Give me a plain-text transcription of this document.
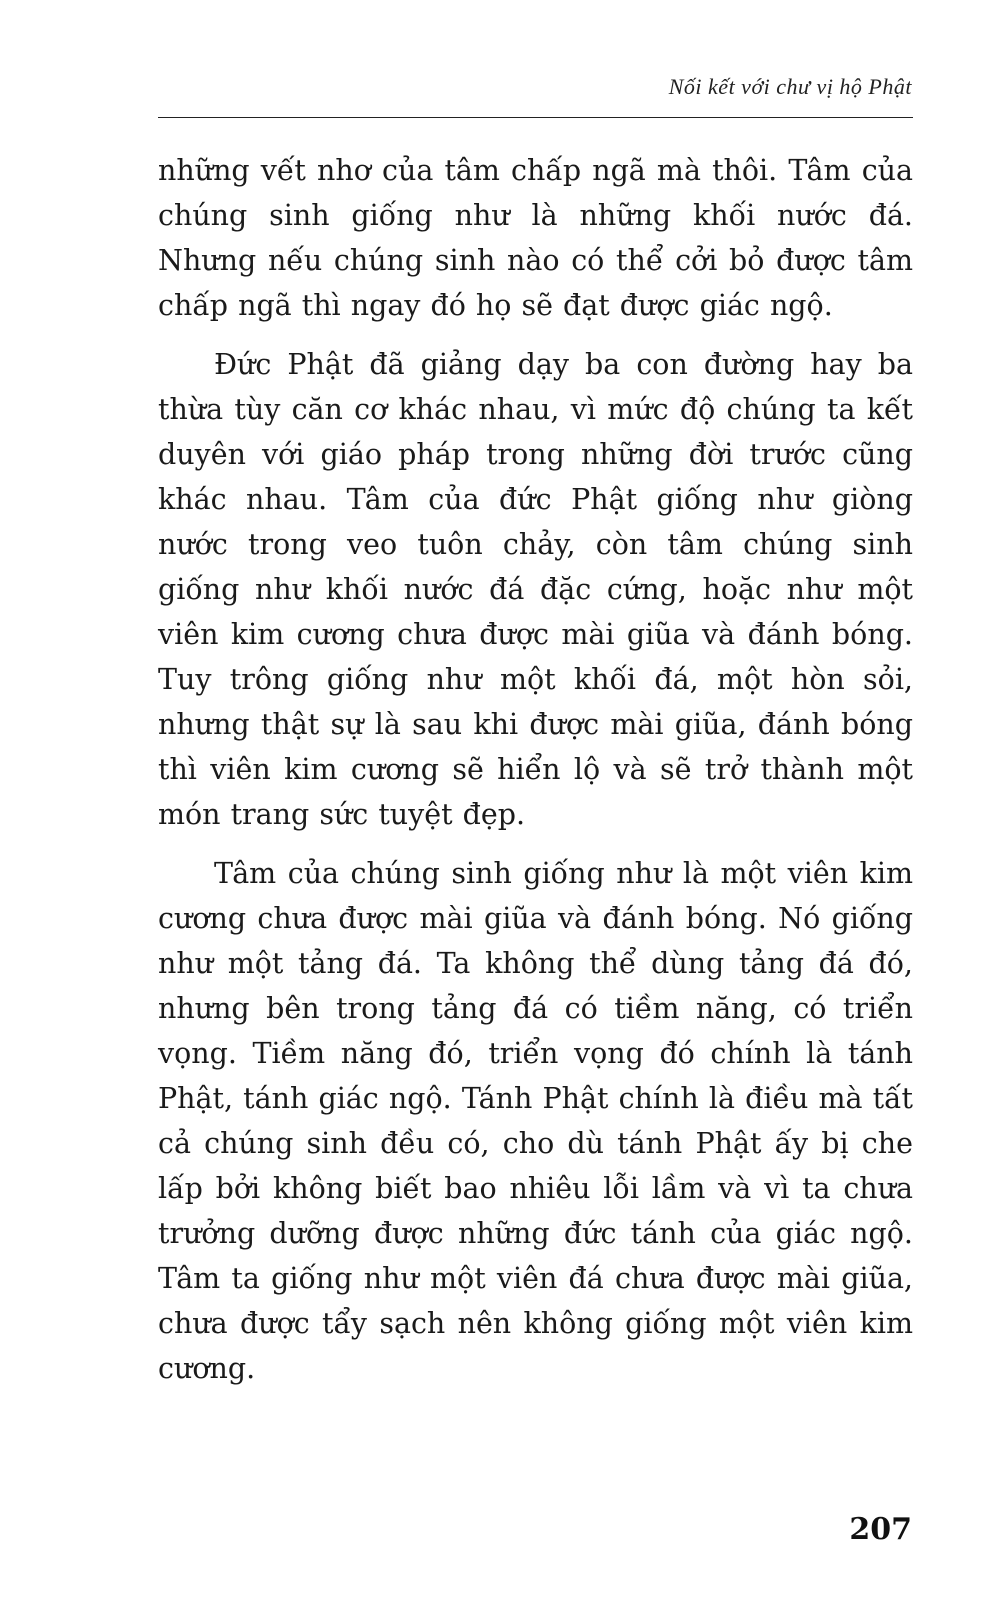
Nối kết với chư vị hộ Phật

những vết nhơ của tâm chấp ngã mà thôi. Tâm của chúng sinh giống như là những khối nước đá. Nhưng nếu chúng sinh nào có thể cởi bỏ được tâm chấp ngã thì ngay đó họ sẽ đạt được giác ngộ.

Đức Phật đã giảng dạy ba con đường hay ba thừa tùy căn cơ khác nhau, vì mức độ chúng ta kết duyên với giáo pháp trong những đời trước cũng khác nhau. Tâm của đức Phật giống như giòng nước trong veo tuôn chảy, còn tâm chúng sinh giống như khối nước đá đặc cứng, hoặc như một viên kim cương chưa được mài giũa và đánh bóng. Tuy trông giống như một khối đá, một hòn sỏi, nhưng thật sự là sau khi được mài giũa, đánh bóng thì viên kim cương sẽ hiển lộ và sẽ trở thành một món trang sức tuyệt đẹp.

Tâm của chúng sinh giống như là một viên kim cương chưa được mài giũa và đánh bóng. Nó giống như một tảng đá. Ta không thể dùng tảng đá đó, nhưng bên trong tảng đá có tiềm năng, có triển vọng. Tiềm năng đó, triển vọng đó chính là tánh Phật, tánh giác ngộ. Tánh Phật chính là điều mà tất cả chúng sinh đều có, cho dù tánh Phật ấy bị che lấp bởi không biết bao nhiêu lỗi lầm và vì ta chưa trưởng dưỡng được những đức tánh của giác ngộ. Tâm ta giống như một viên đá chưa được mài giũa, chưa được tẩy sạch nên không giống một viên kim cương.

207
